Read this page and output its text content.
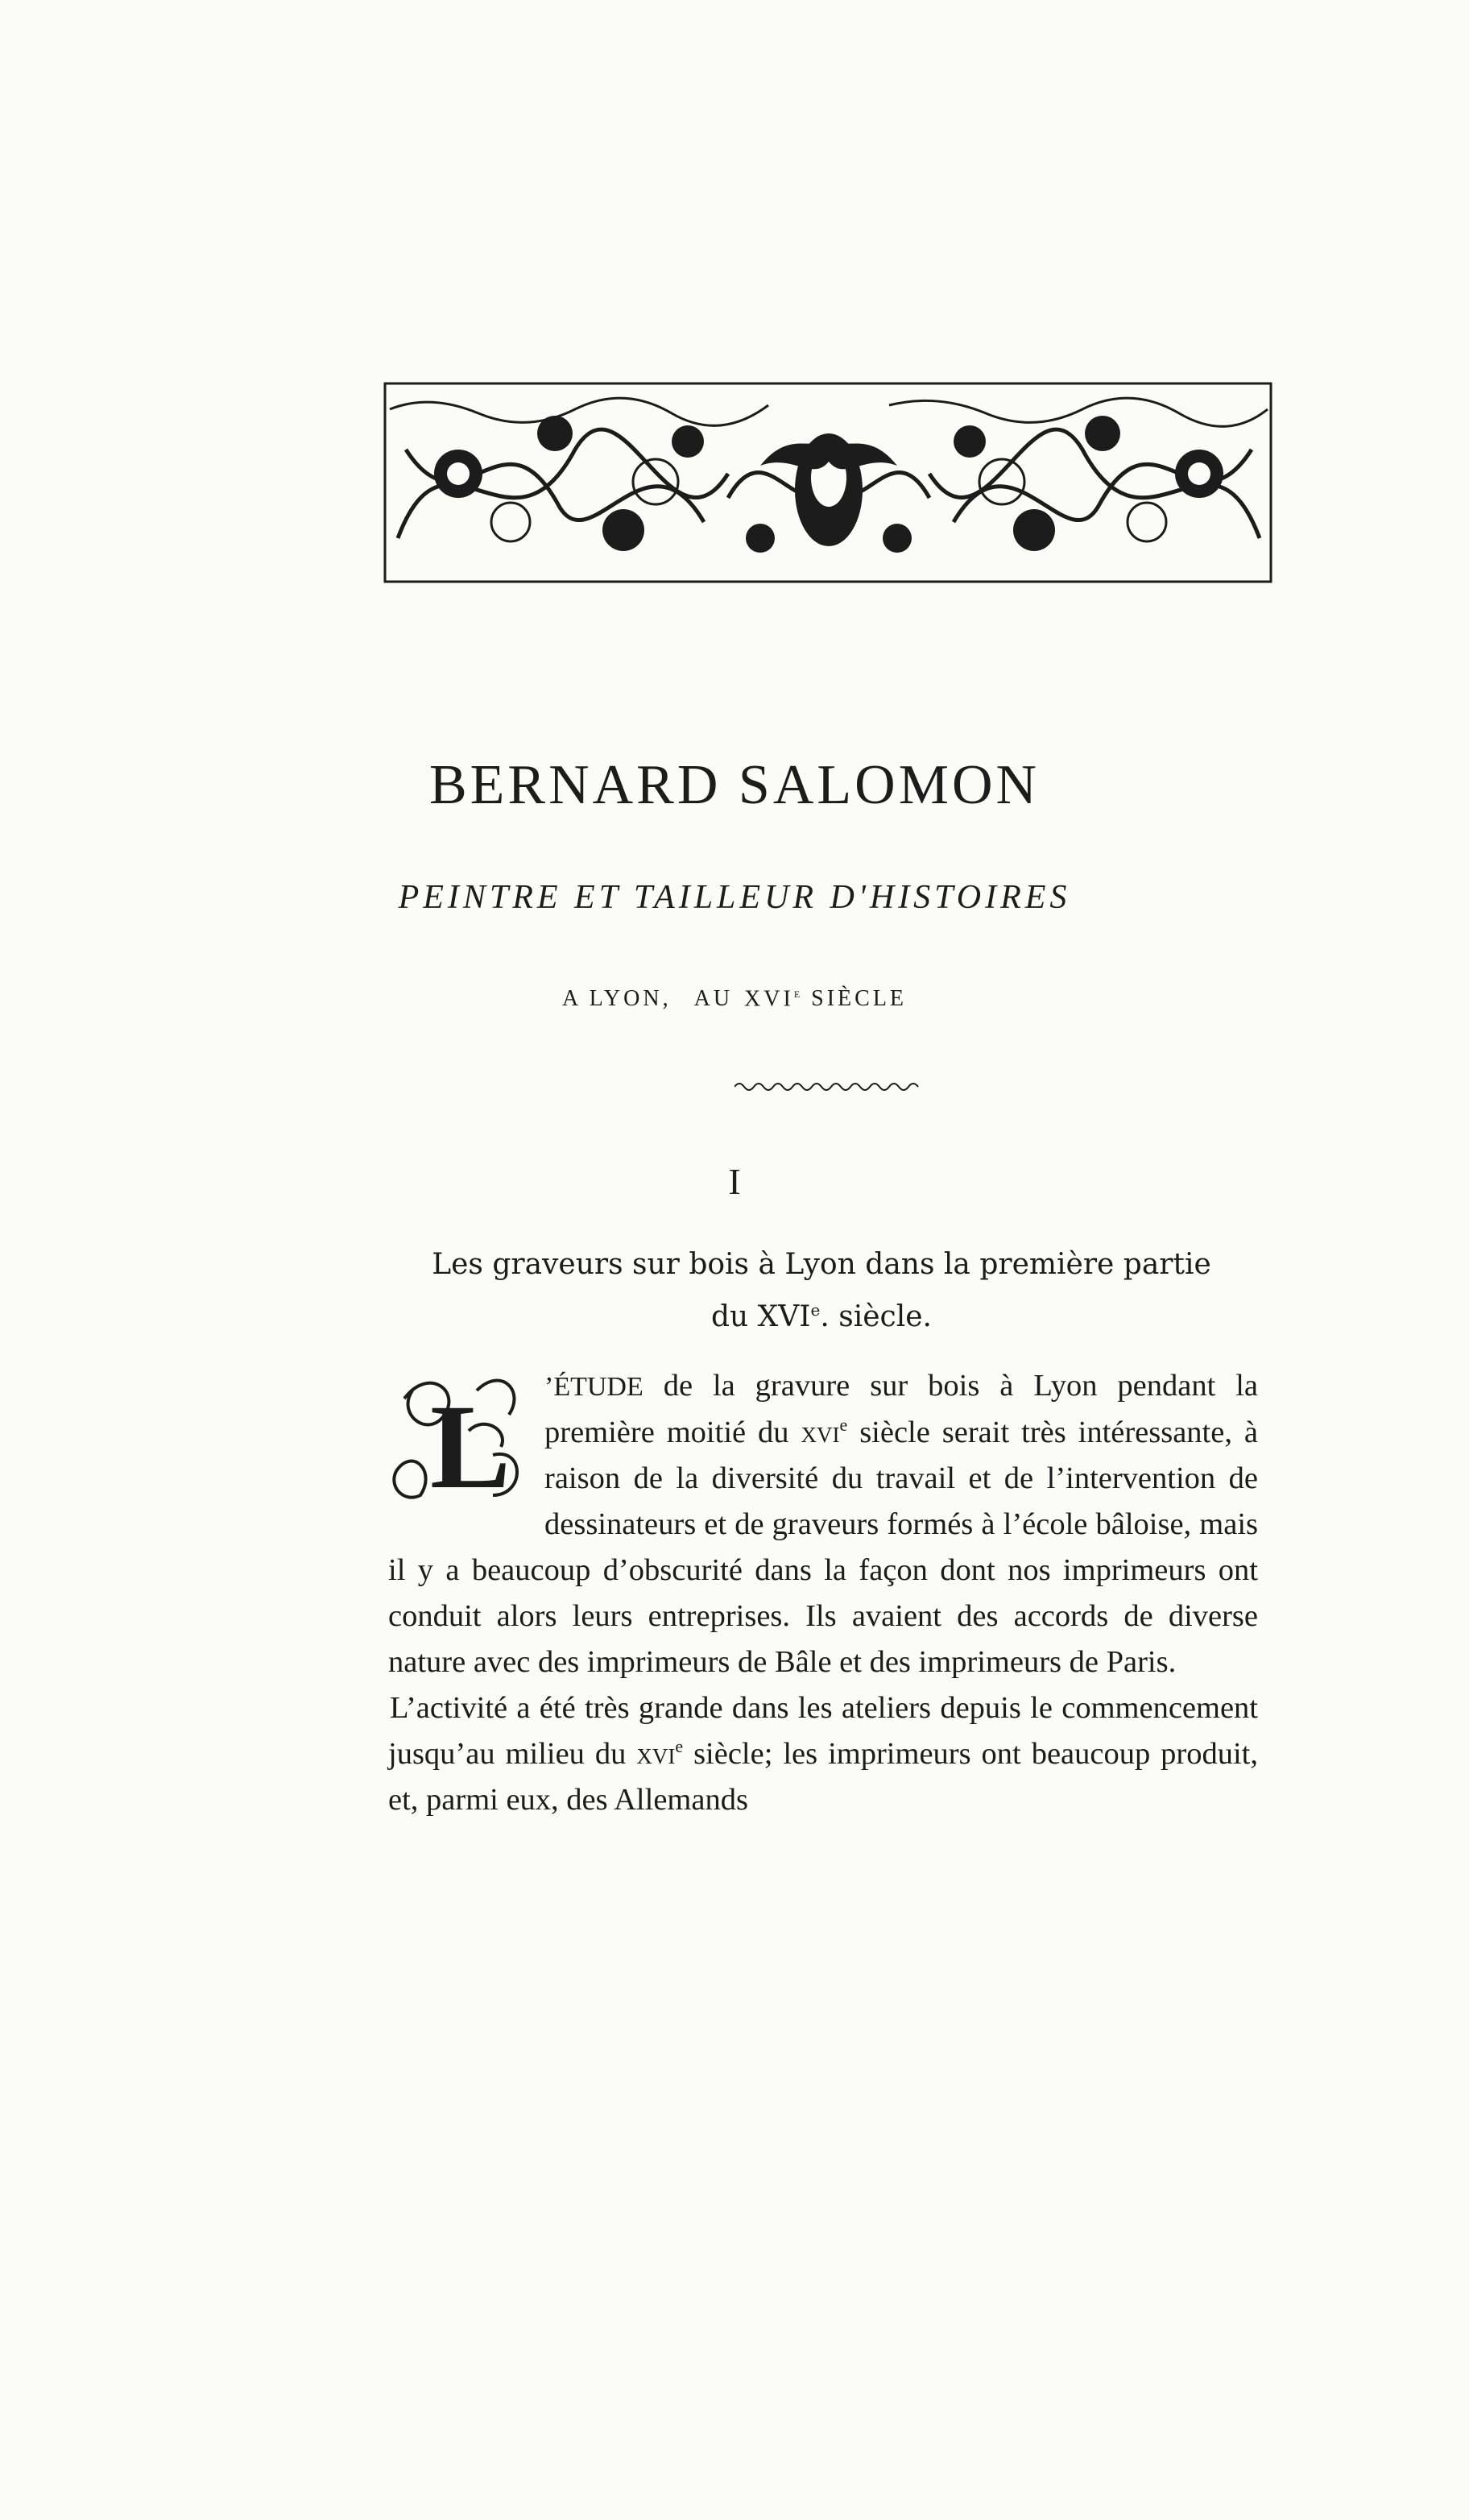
BERNARD SALOMON
PEINTRE ET TAILLEUR D'HISTOIRES
A LYON, AU XVIe SIÈCLE
I
Les graveurs sur bois à Lyon dans la première partie
du XVIe. siècle.

L ’ÉTUDE de la gravure sur bois à Lyon pendant la première moitié du xvi$^e$ siècle serait très intéressante, à raison de la diversité du travail et de l’intervention de dessinateurs et de graveurs formés à l’école bâloise, mais il y a beaucoup d’obscurité dans la façon dont nos imprimeurs ont conduit alors leurs entreprises. Ils avaient des accords de diverse nature avec des imprimeurs de Bâle et des imprimeurs de Paris.

L’activité a été très grande dans les ateliers depuis le commencement jusqu’au milieu du xvi$^e$ siècle; les imprimeurs ont beaucoup produit, et, parmi eux, des Allemands
